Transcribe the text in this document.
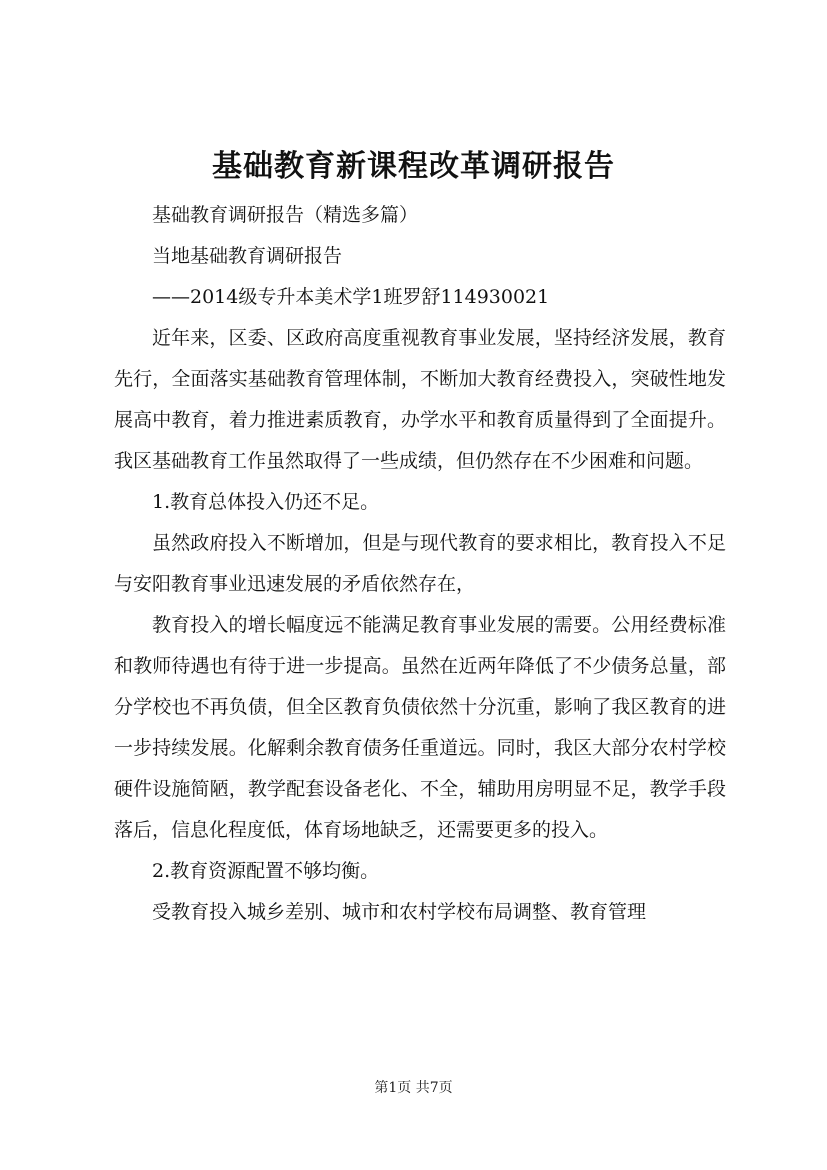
基础教育新课程改革调研报告

基础教育调研报告（精选多篇）

当地基础教育调研报告

——2014级专升本美术学1班罗舒114930021

近年来，区委、区政府高度重视教育事业发展，坚持经济发展，教育先行，全面落实基础教育管理体制，不断加大教育经费投入，突破性地发展高中教育，着力推进素质教育，办学水平和教育质量得到了全面提升。我区基础教育工作虽然取得了一些成绩，但仍然存在不少困难和问题。

1.教育总体投入仍还不足。

虽然政府投入不断增加，但是与现代教育的要求相比，教育投入不足与安阳教育事业迅速发展的矛盾依然存在，

教育投入的增长幅度远不能满足教育事业发展的需要。公用经费标准和教师待遇也有待于进一步提高。虽然在近两年降低了不少债务总量，部分学校也不再负债，但全区教育负债依然十分沉重，影响了我区教育的进一步持续发展。化解剩余教育债务任重道远。同时，我区大部分农村学校硬件设施简陋，教学配套设备老化、不全，辅助用房明显不足，教学手段落后，信息化程度低，体育场地缺乏，还需要更多的投入。

2.教育资源配置不够均衡。

受教育投入城乡差别、城市和农村学校布局调整、教育管理

第1页 共7页
